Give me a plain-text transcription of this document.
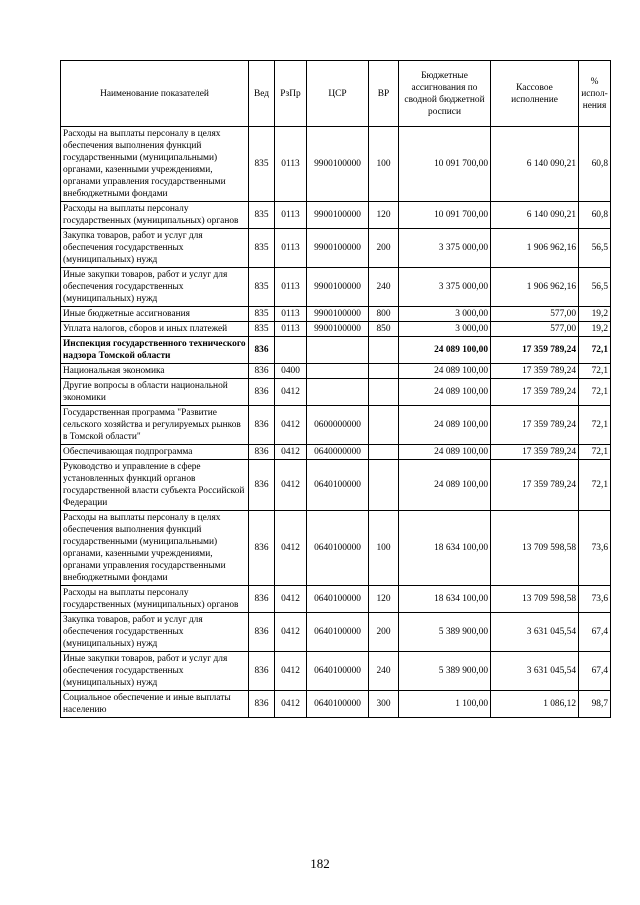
Наименование показателей	Вед	РзПр	ЦСР	ВР	Бюджетные ассигнования по сводной бюджетной росписи	Кассовое исполнение	% испол-нения
Расходы на выплаты персоналу в целях обеспечения выполнения функций государственными (муниципальными) органами, казенными учреждениями, органами управления государственными внебюджетными фондами	835	0113	9900100000	100	10 091 700,00	6 140 090,21	60,8
Расходы на выплаты персоналу государственных (муниципальных) органов	835	0113	9900100000	120	10 091 700,00	6 140 090,21	60,8
Закупка товаров, работ и услуг для обеспечения государственных (муниципальных) нужд	835	0113	9900100000	200	3 375 000,00	1 906 962,16	56,5
Иные закупки товаров, работ и услуг для обеспечения государственных (муниципальных) нужд	835	0113	9900100000	240	3 375 000,00	1 906 962,16	56,5
Иные бюджетные ассигнования	835	0113	9900100000	800	3 000,00	577,00	19,2
Уплата налогов, сборов и иных платежей	835	0113	9900100000	850	3 000,00	577,00	19,2
Инспекция государственного технического надзора Томской области	836				24 089 100,00	17 359 789,24	72,1
Национальная экономика	836	0400			24 089 100,00	17 359 789,24	72,1
Другие вопросы в области национальной экономики	836	0412			24 089 100,00	17 359 789,24	72,1
Государственная программа "Развитие сельского хозяйства и регулируемых рынков в Томской области"	836	0412	0600000000		24 089 100,00	17 359 789,24	72,1
Обеспечивающая подпрограмма	836	0412	0640000000		24 089 100,00	17 359 789,24	72,1
Руководство и управление в сфере установленных функций органов государственной власти субъекта Российской Федерации	836	0412	0640100000		24 089 100,00	17 359 789,24	72,1
Расходы на выплаты персоналу в целях обеспечения выполнения функций государственными (муниципальными) органами, казенными учреждениями, органами управления государственными внебюджетными фондами	836	0412	0640100000	100	18 634 100,00	13 709 598,58	73,6
Расходы на выплаты персоналу государственных (муниципальных) органов	836	0412	0640100000	120	18 634 100,00	13 709 598,58	73,6
Закупка товаров, работ и услуг для обеспечения государственных (муниципальных) нужд	836	0412	0640100000	200	5 389 900,00	3 631 045,54	67,4
Иные закупки товаров, работ и услуг для обеспечения государственных (муниципальных) нужд	836	0412	0640100000	240	5 389 900,00	3 631 045,54	67,4
Социальное обеспечение и иные выплаты населению	836	0412	0640100000	300	1 100,00	1 086,12	98,7
182
